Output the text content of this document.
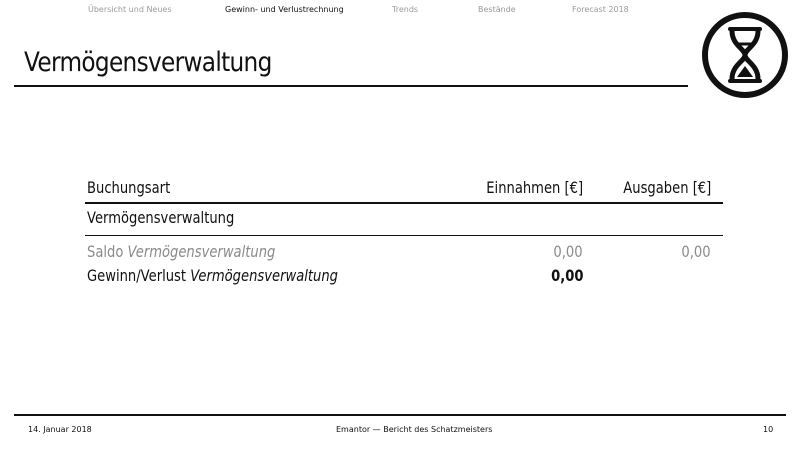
Übersicht und Neues	Gewinn- und Verlustrechnung	Trends	Bestände	Forecast 2018
Vermögensverwaltung
Buchungsart	Einnahmen [€]	Ausgaben [€]
Vermögensverwaltung
Saldo Vermögensverwaltung	0,00	0,00
Gewinn/Verlust Vermögensverwaltung	0,00
14. Januar 2018	Emantor — Bericht des Schatzmeisters	10
